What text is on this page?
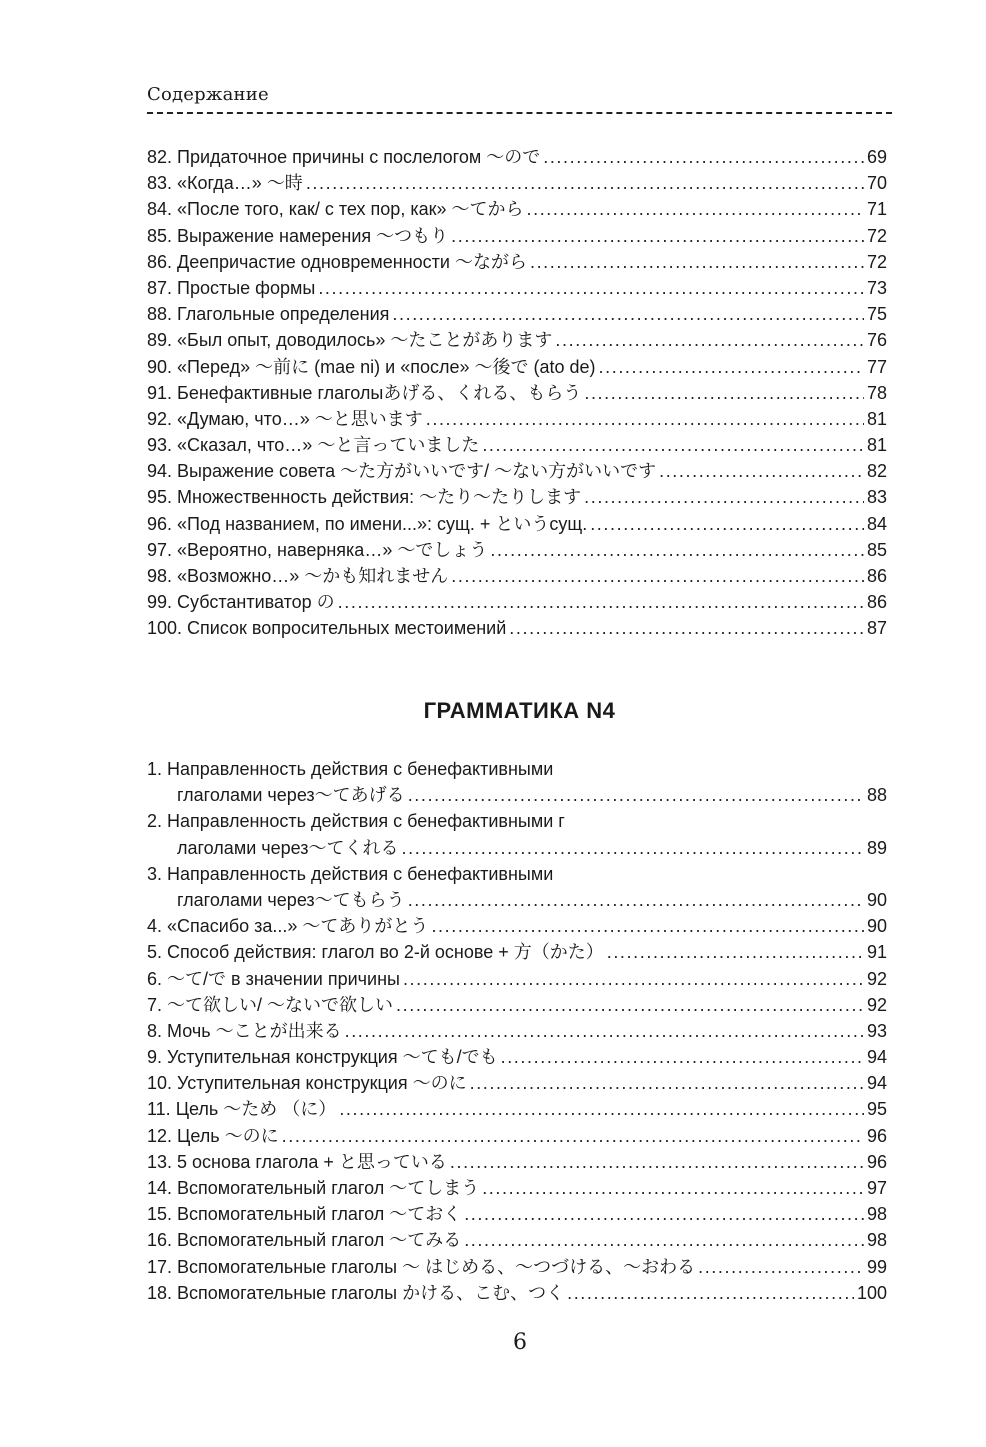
Содержание
82. Придаточное причины с послелогом ～ので .....	69
83. «Когда…» ～時 .....	70
84. «После того, как/ с тех пор, как» ～てから .....	71
85. Выражение намерения ～つもり .....	72
86. Деепричастие одновременности ～ながら .....	72
87. Простые формы .....	73
88. Глагольные определения .....	75
89. «Был опыт, доводилось» ～たことがあります .....	76
90. «Перед» ～前に (mae ni) и «после» ～後で (ato de) .....	77
91. Бенефактивные глаголыあげる、くれる、もらう .....	78
92. «Думаю, что…» ～と思います .....	81
93. «Сказал, что…» ～と言っていました .....	81
94. Выражение совета ～た方がいいです/ ～ない方がいいです .....	82
95. Множественность действия: ～たり～たりします .....	83
96. «Под названием, по имени...»: сущ. + というсущ. .....	84
97. «Вероятно, наверняка…» ～でしょう .....	85
98. «Возможно…» ～かも知れません .....	86
99. Субстантиватор の .....	86
100. Список вопросительных местоимений .....	87
ГРАММАТИКА N4
1. Направленность действия с бенефактивными
глаголами через～てあげる .....	88
2. Направленность действия с бенефактивными г
лаголами через～てくれる .....	89
3. Направленность действия с бенефактивными
глаголами через～てもらう .....	90
4. «Спасибо за...» ～てありがとう .....	90
5. Способ действия: глагол во 2-й основе + 方（かた） .....	91
6. ～て/で в значении причины .....	92
7. ～て欲しい/ ～ないで欲しい .....	92
8. Мочь ～ことが出来る .....	93
9. Уступительная конструкция ～ても/でも .....	94
10. Уступительная конструкция ～のに .....	94
11. Цель ～ため （に） .....	95
12. Цель ～のに .....	96
13. 5 основа глагола + と思っている .....	96
14. Вспомогательный глагол ～てしまう .....	97
15. Вспомогательный глагол ～ておく .....	98
16. Вспомогательный глагол ～てみる .....	98
17. Вспомогательные глаголы ～ はじめる、～つづける、～おわる .....	99
18. Вспомогательные глаголы かける、こむ、つく .....	100
6
